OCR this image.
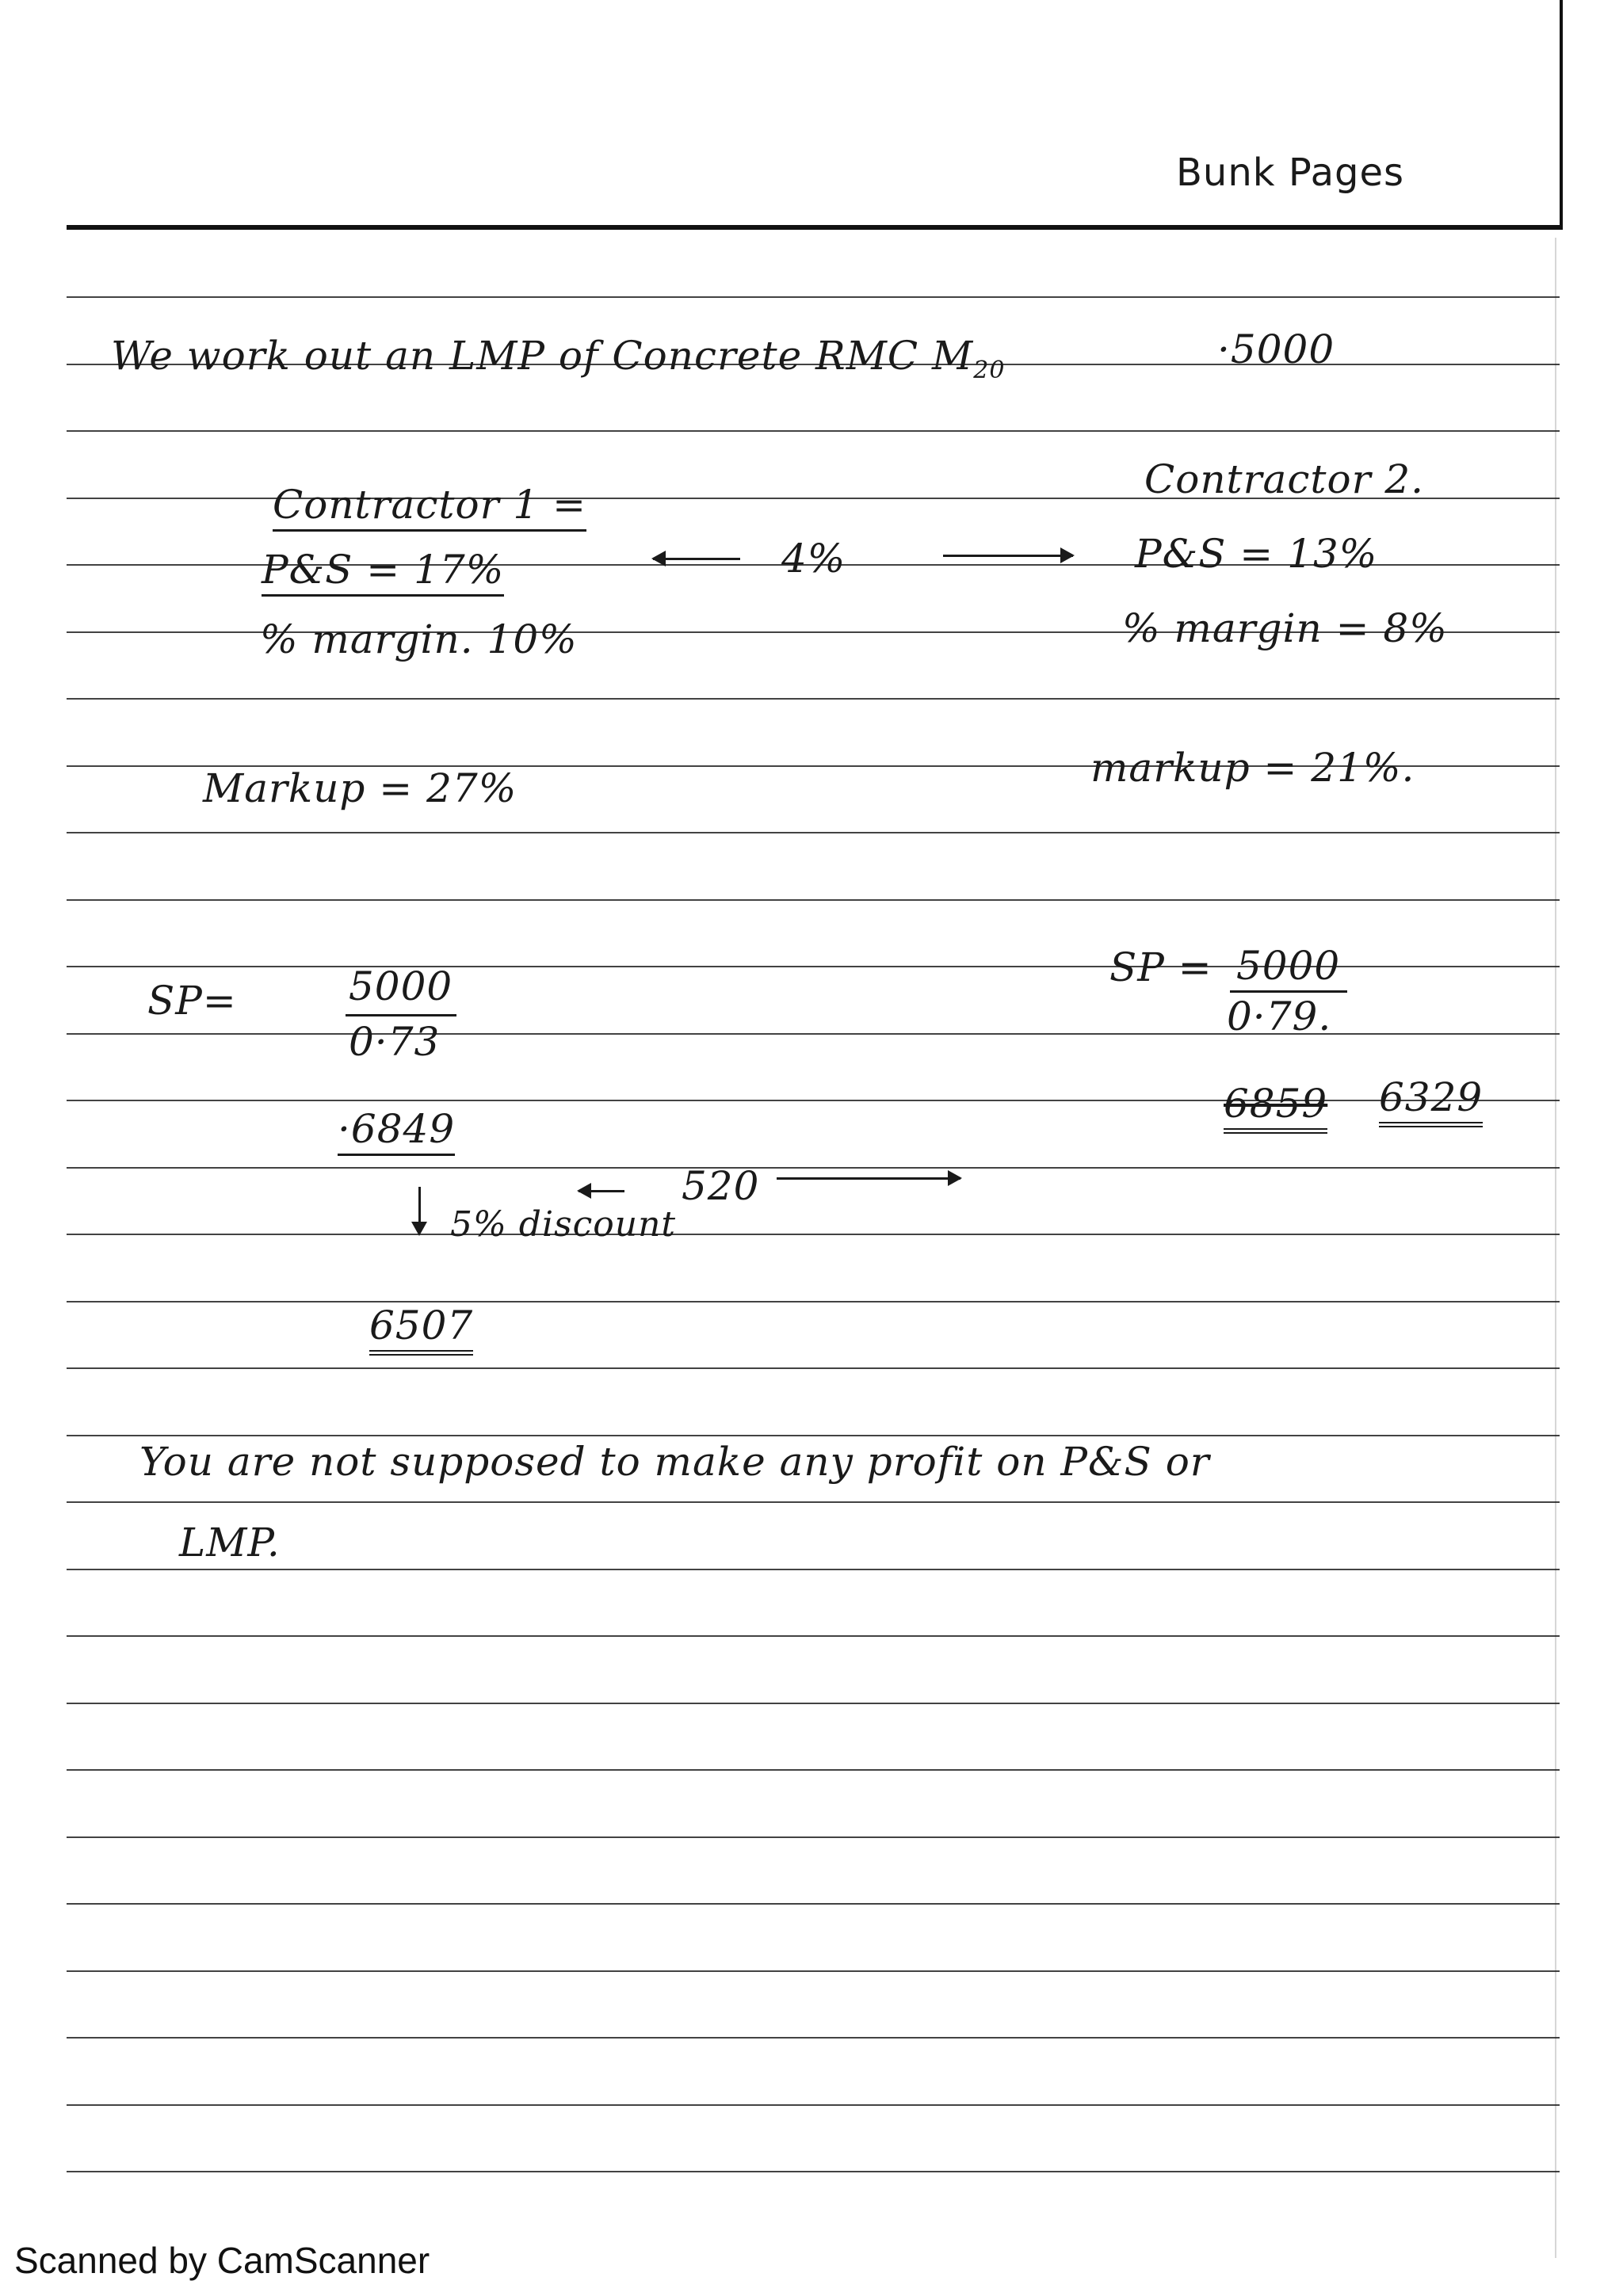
Bunk Pages
We work out an LMP of Concrete RMC $M_{20}$	·5000
Contractor 1 =
P&S = 17%
% margin. 10%
Markup = 27%
Contractor 2.
P&S = 13%
% margin = 8%
markup = 21%.
4%
SP=	5000
0·73
·6849
5% discount
520
6507
SP = 5000
0·79.
6859 6329
You are not supposed to make any profit on P&S or
LMP.
Scanned by CamScanner
